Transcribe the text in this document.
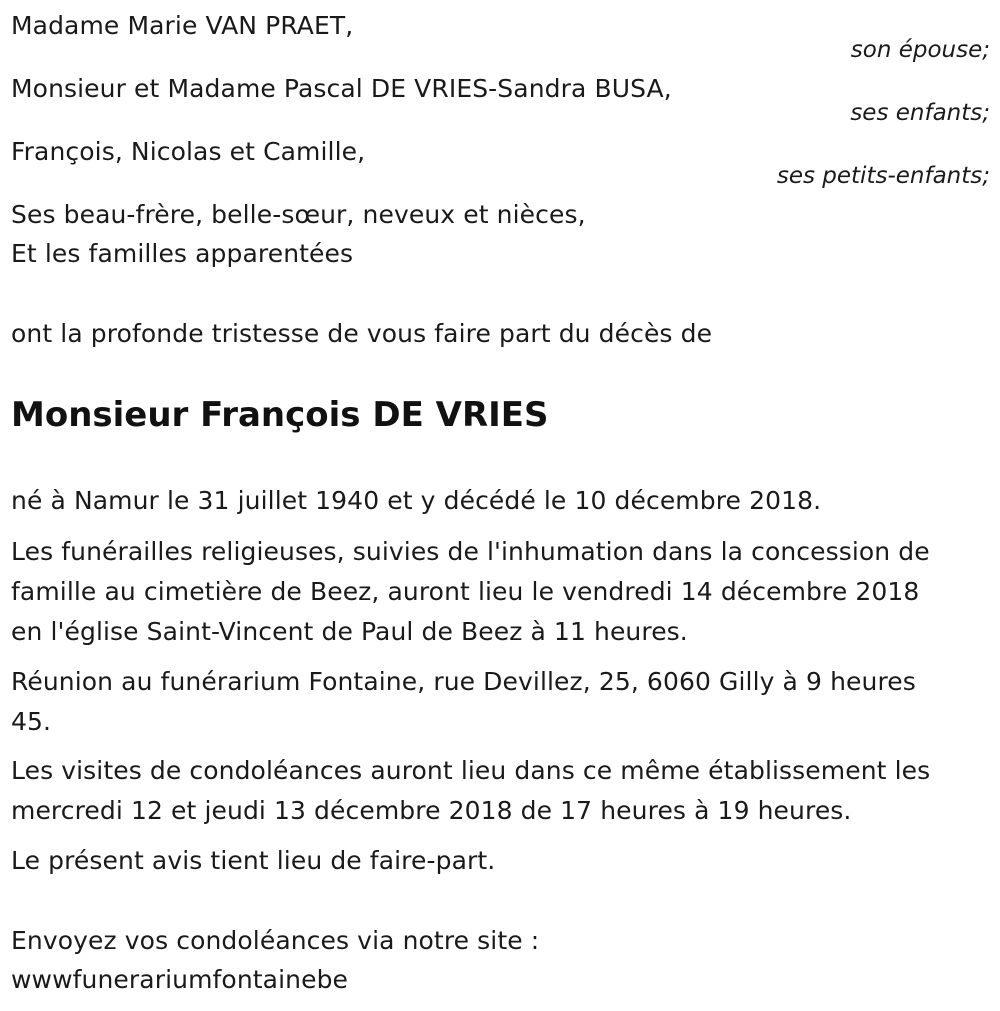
Madame Marie VAN PRAET,
son épouse;
Monsieur et Madame Pascal DE VRIES-Sandra BUSA,
ses enfants;
François, Nicolas et Camille,
ses petits-enfants;
Ses beau-frère, belle-sœur, neveux et nièces,
Et les familles apparentées
ont la profonde tristesse de vous faire part du décès de
Monsieur François DE VRIES
né à Namur le 31 juillet 1940 et y décédé le 10 décembre 2018.
Les funérailles religieuses, suivies de l'inhumation dans la concession de
famille au cimetière de Beez, auront lieu le vendredi 14 décembre 2018
en l'église Saint-Vincent de Paul de Beez à 11 heures.
Réunion au funérarium Fontaine, rue Devillez, 25, 6060 Gilly à 9 heures
45.
Les visites de condoléances auront lieu dans ce même établissement les
mercredi 12 et jeudi 13 décembre 2018 de 17 heures à 19 heures.
Le présent avis tient lieu de faire-part.
Envoyez vos condoléances via notre site :
wwwfunerariumfontainebe
